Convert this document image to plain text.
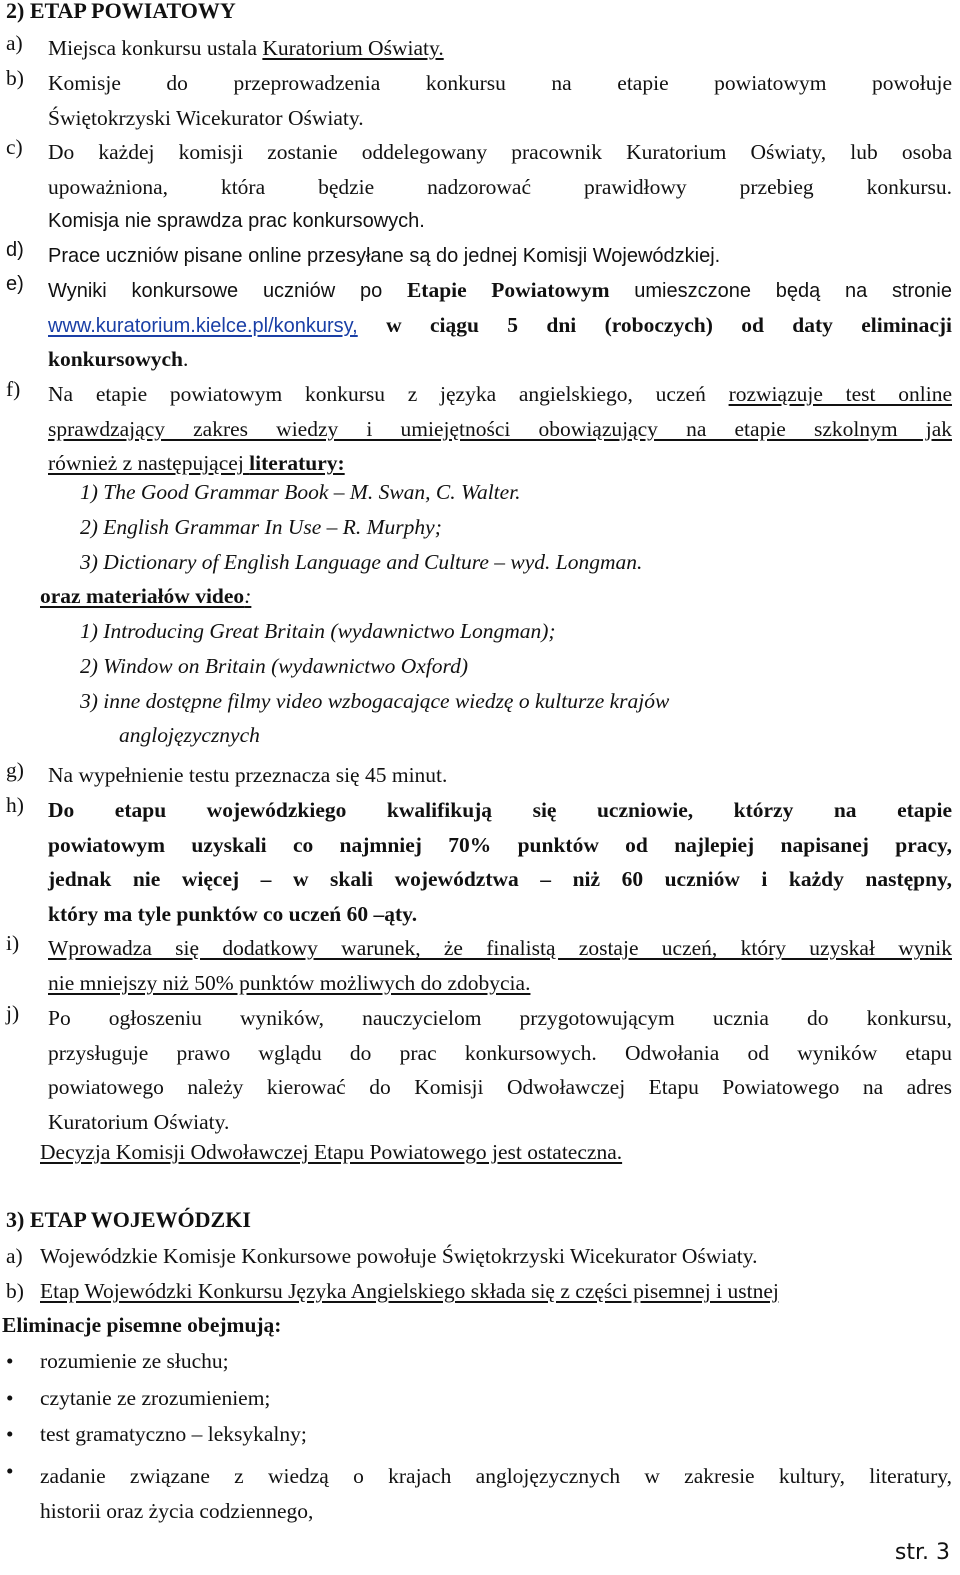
2) ETAP POWIATOWY
a) Miejsca konkursu ustala Kuratorium Oświaty.
b) Komisje do przeprowadzenia konkursu na etapie powiatowym powołuje
Świętokrzyski Wicekurator Oświaty.
c) Do każdej komisji zostanie oddelegowany pracownik Kuratorium Oświaty, lub osoba
upoważniona, która będzie nadzorować prawidłowy przebieg konkursu.
Komisja nie sprawdza prac konkursowych.
d) Prace uczniów pisane online przesyłane są do jednej Komisji Wojewódzkiej.
e) Wyniki konkursowe uczniów po Etapie Powiatowym umieszczone będą na stronie
www.kuratorium.kielce.pl/konkursy, w ciągu 5 dni (roboczych) od daty eliminacji
konkursowych.
f) Na etapie powiatowym konkursu z języka angielskiego, uczeń rozwiązuje test online
sprawdzający zakres wiedzy i umiejętności obowiązujący na etapie szkolnym jak
również z następującej literatury:
1) The Good Grammar Book – M. Swan, C. Walter.
2) English Grammar In Use – R. Murphy;
3) Dictionary of English Language and Culture – wyd. Longman.
oraz materiałów video:
1) Introducing Great Britain (wydawnictwo Longman);
2) Window on Britain (wydawnictwo Oxford)
3) inne dostępne filmy video wzbogacające wiedzę o kulturze krajów
anglojęzycznych
g) Na wypełnienie testu przeznacza się 45 minut.
h) Do etapu wojewódzkiego kwalifikują się uczniowie, którzy na etapie
powiatowym uzyskali co najmniej 70% punktów od najlepiej napisanej pracy,
jednak nie więcej – w skali województwa – niż 60 uczniów i każdy następny,
który ma tyle punktów co uczeń 60 –ąty.
i) Wprowadza się dodatkowy warunek, że finalistą zostaje uczeń, który uzyskał wynik
nie mniejszy niż 50% punktów możliwych do zdobycia.
j) Po ogłoszeniu wyników, nauczycielom przygotowującym ucznia do konkursu,
przysługuje prawo wglądu do prac konkursowych. Odwołania od wyników etapu
powiatowego należy kierować do Komisji Odwoławczej Etapu Powiatowego na adres
Kuratorium Oświaty.
Decyzja Komisji Odwoławczej Etapu Powiatowego jest ostateczna.
3) ETAP WOJEWÓDZKI
a) Wojewódzkie Komisje Konkursowe powołuje Świętokrzyski Wicekurator Oświaty.
b) Etap Wojewódzki Konkursu Języka Angielskiego składa się z części pisemnej i ustnej
Eliminacje pisemne obejmują:
• rozumienie ze słuchu;
• czytanie ze zrozumieniem;
• test gramatyczno – leksykalny;
• zadanie związane z wiedzą o krajach anglojęzycznych w zakresie kultury, literatury,
historii oraz życia codziennego,
str. 3
